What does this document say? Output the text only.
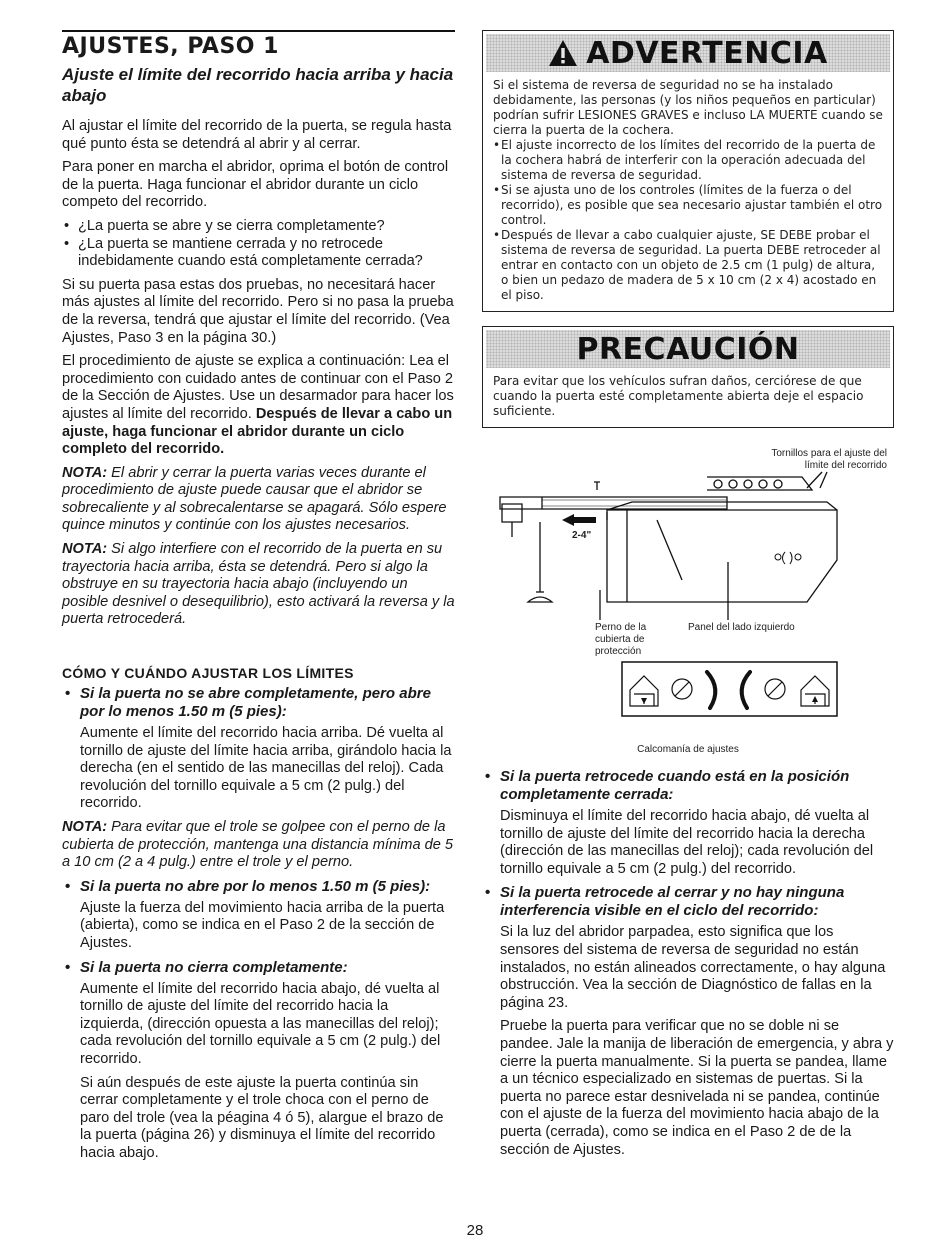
AJUSTES, PASO 1
Ajuste el límite del recorrido hacia arriba y hacia abajo

Al ajustar el límite del recorrido de la puerta, se regula hasta qué punto ésta se detendrá al abrir y al cerrar.

Para poner en marcha el abridor, oprima el botón de control de la puerta. Haga funcionar el abridor durante un ciclo competo del recorrido.

• ¿La puerta se abre y se cierra completamente?
• ¿La puerta se mantiene cerrada y no retrocede indebidamente cuando está completamente cerrada?

Si su puerta pasa estas dos pruebas, no necesitará hacer más ajustes al límite del recorrido. Pero si no pasa la prueba de la reversa, tendrá que ajustar el límite del recorrido. (Vea Ajustes, Paso 3 en la página 30.)

El procedimiento de ajuste se explica a continuación: Lea el procedimiento con cuidado antes de continuar con el Paso 2 de la Sección de Ajustes. Use un desarmador para hacer los ajustes al límite del recorrido. Después de llevar a cabo un ajuste, haga funcionar el abridor durante un ciclo completo del recorrido.

NOTA: El abrir y cerrar la puerta varias veces durante el procedimiento de ajuste puede causar que el abridor se sobrecaliente y al sobrecalentarse se apagará. Sólo espere quince minutos y continúe con los ajustes necesarios.

NOTA: Si algo interfiere con el recorrido de la puerta en su trayectoria hacia arriba, ésta se detendrá. Pero si algo la obstruye en su trayectoria hacia abajo (incluyendo un posible desnivel o desequilibrio), esto activará la reversa y la puerta retrocederá.

CÓMO Y CUÁNDO AJUSTAR LOS LÍMITES
• Si la puerta no se abre completamente, pero abre por lo menos 1.50 m (5 pies):

Aumente el límite del recorrido hacia arriba. Dé vuelta al tornillo de ajuste del límite hacia arriba, girándolo hacia la derecha (en el sentido de las manecillas del reloj). Cada revolución del tornillo equivale a 5 cm (2 pulg.) del recorrido.

NOTA: Para evitar que el trole se golpee con el perno de la cubierta de protección, mantenga una distancia mínima de 5 a 10 cm (2 a 4 pulg.) entre el trole y el perno.

• Si la puerta no abre por lo menos 1.50 m (5 pies):

Ajuste la fuerza del movimiento hacia arriba de la puerta (abierta), como se indica en el Paso 2 de la sección de Ajustes.

• Si la puerta no cierra completamente:

Aumente el límite del recorrido hacia abajo, dé vuelta al tornillo de ajuste del límite del recorrido hacia la izquierda, (dirección opuesta a las manecillas del reloj); cada revolución del tornillo equivale a 5 cm (2 pulg.) del recorrido.

Si aún después de este ajuste la puerta continúa sin cerrar completamente y el trole choca con el perno de paro del trole (vea la péagina 4 ó 5), alargue el brazo de la puerta (página 26) y disminuya el límite del recorrido hacia abajo.

ADVERTENCIA
Si el sistema de reversa de seguridad no se ha instalado debidamente, las personas (y los niños pequeños en particular) podrían sufrir LESIONES GRAVES e incluso LA MUERTE cuando se cierra la puerta de la cochera.
• El ajuste incorrecto de los límites del recorrido de la puerta de la cochera habrá de interferir con la operación adecuada del sistema de reversa de seguridad.
• Si se ajusta uno de los controles (límites de la fuerza o del recorrido), es posible que sea necesario ajustar también el otro control.
• Después de llevar a cabo cualquier ajuste, SE DEBE probar el sistema de reversa de seguridad. La puerta DEBE retroceder al entrar en contacto con un objeto de 2.5 cm (1 pulg) de altura, o bien un pedazo de madera de 5 x 10 cm (2 x 4) acostado en el piso.
PRECAUCIÓN
Para evitar que los vehículos sufran daños, cerciórese de que cuando la puerta esté completamente abierta deje el espacio suficiente.
Tornillos para el ajuste del límite del recorrido
2-4"
Perno de la cubierta de protección
Panel del lado izquierdo
Calcomanía de ajustes
• Si la puerta retrocede cuando está en la posición completamente cerrada:

Disminuya el límite del recorrido hacia abajo, dé vuelta al tornillo de ajuste del límite del recorrido hacia la derecha (dirección de las manecillas del reloj); cada revolución del tornillo equivale a 5 cm (2 pulg.) del recorrido.

• Si la puerta retrocede al cerrar y no hay ninguna interferencia visible en el ciclo del recorrido:

Si la luz del abridor parpadea, esto significa que los sensores del sistema de reversa de seguridad no están instalados, no están alineados correctamente, o hay alguna obstrucción. Vea la sección de Diagnóstico de fallas en la página 23.

Pruebe la puerta para verificar que no se doble ni se pandee. Jale la manija de liberación de emergencia, y abra y cierre la puerta manualmente. Si la puerta se pandea, llame a un técnico especializado en sistemas de puertas. Si la puerta no parece estar desnivelada ni se pandea, continúe con el ajuste de la fuerza del movimiento hacia abajo de la puerta (cerrada), como se indica en el Paso 2 de de la sección de Ajustes.

28
